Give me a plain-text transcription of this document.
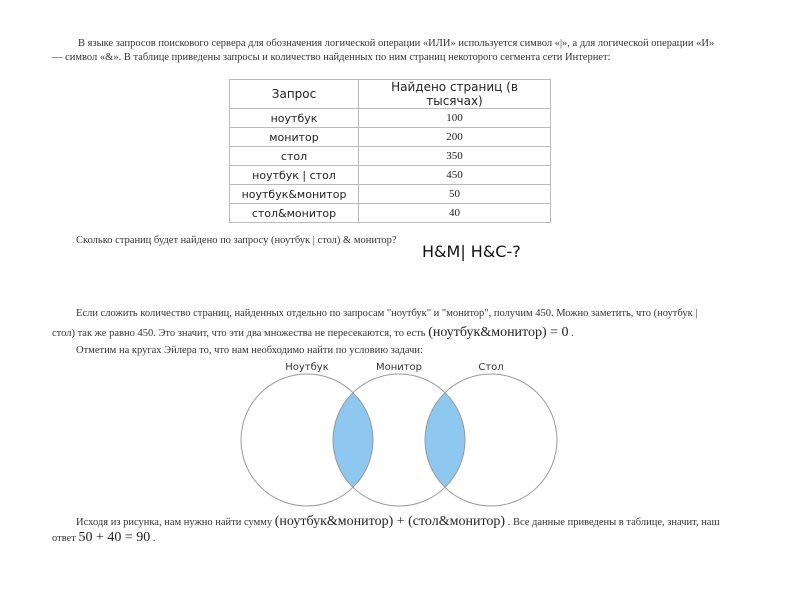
В языке запросов поискового сервера для обозначения логической операции «ИЛИ» используется символ «|», а для логической операции «И»
— символ «&». В таблице приведены запросы и количество найденных по ним страниц некоторого сегмента сети Интернет:
Запрос	Найдено страниц (в тысячах)
ноутбук	100
монитор	200
стол	350
ноутбук | стол	450
ноутбук&монитор	50
стол&монитор	40
Сколько страниц будет найдено по запросу (ноутбук | стол) & монитор?
H&M| H&C-?
Если сложить количество страниц, найденных отдельно по запросам "ноутбук" и "монитор", получим 450. Можно заметить, что (ноутбук |
стол) так же равно 450. Это значит, что эти два множества не пересекаются, то есть (ноутбук&монитор) = 0 .
Отметим на кругах Эйлера то, что нам необходимо найти по условию задачи:
Ноутбук	Монитор	Стол
Исходя из рисунка, нам нужно найти сумму (ноутбук&монитор) + (стол&монитор) . Все данные приведены в таблице, значит, наш
ответ 50 + 40 = 90 .
